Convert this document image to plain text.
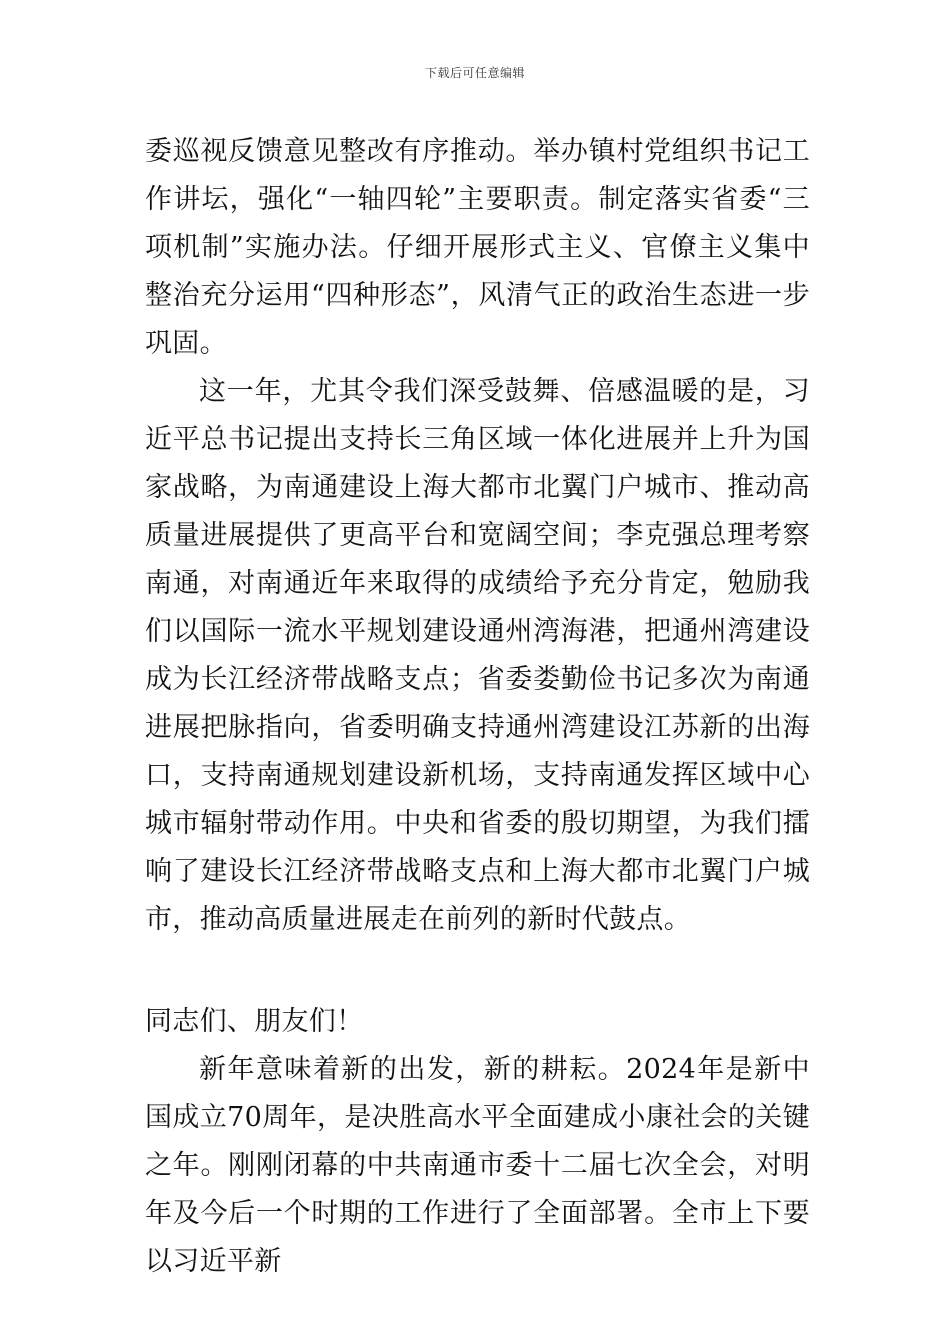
下载后可任意编辑

委巡视反馈意见整改有序推动。举办镇村党组织书记工作讲坛，强化“一轴四轮”主要职责。制定落实省委“三项机制”实施办法。仔细开展形式主义、官僚主义集中整治充分运用“四种形态”，风清气正的政治生态进一步巩固。

这一年，尤其令我们深受鼓舞、倍感温暖的是，习近平总书记提出支持长三角区域一体化进展并上升为国家战略，为南通建设上海大都市北翼门户城市、推动高质量进展提供了更高平台和宽阔空间；李克强总理考察南通，对南通近年来取得的成绩给予充分肯定，勉励我们以国际一流水平规划建设通州湾海港，把通州湾建设成为长江经济带战略支点；省委娄勤俭书记多次为南通进展把脉指向，省委明确支持通州湾建设江苏新的出海口，支持南通规划建设新机场，支持南通发挥区域中心城市辐射带动作用。中央和省委的殷切期望，为我们擂响了建设长江经济带战略支点和上海大都市北翼门户城市，推动高质量进展走在前列的新时代鼓点。

同志们、朋友们！

新年意味着新的出发，新的耕耘。2024年是新中国成立70周年，是决胜高水平全面建成小康社会的关键之年。刚刚闭幕的中共南通市委十二届七次全会，对明年及今后一个时期的工作进行了全面部署。全市上下要以习近平新
